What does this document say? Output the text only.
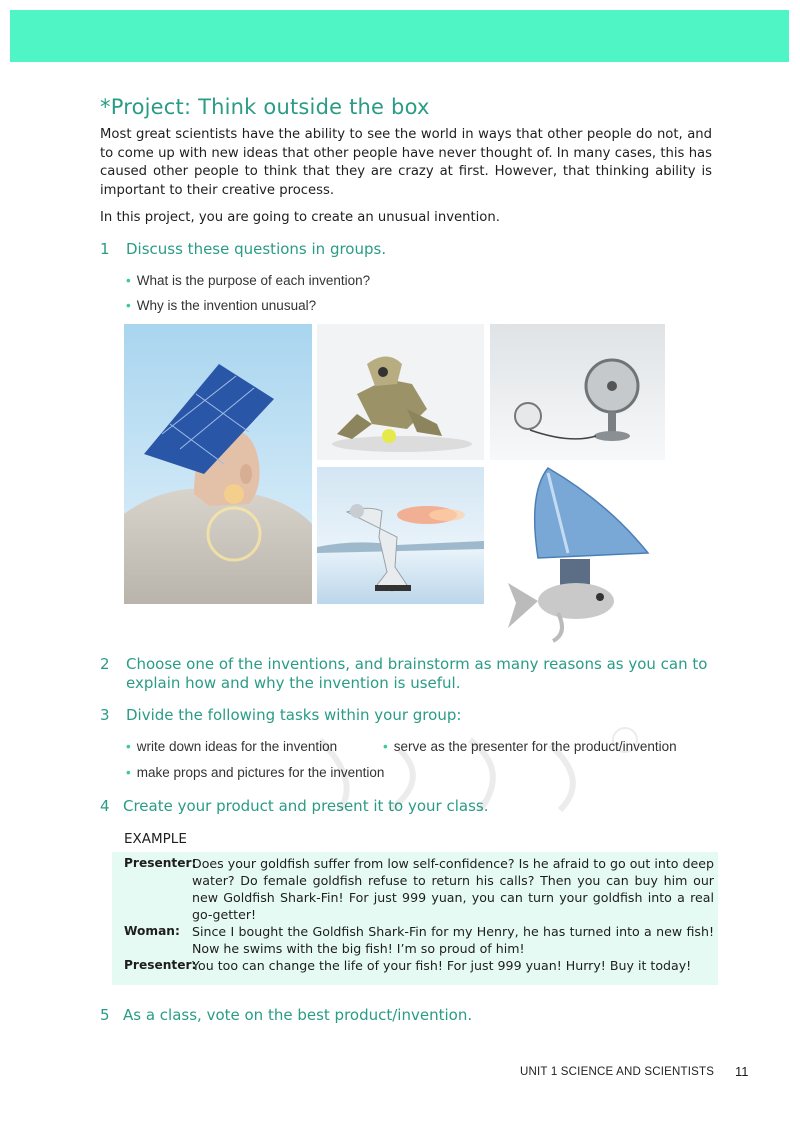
*Project: Think outside the box
Most great scientists have the ability to see the world in ways that other people do not, and to come up with new ideas that other people have never thought of. In many cases, this has caused other people to think that they are crazy at first. However, that thinking ability is important to their creative process.
In this project, you are going to create an unusual invention.
1 Discuss these questions in groups.
• What is the purpose of each invention?
• Why is the invention unusual?
2 Choose one of the inventions, and brainstorm as many reasons as you can to explain how and why the invention is useful.
3 Divide the following tasks within your group:
• write down ideas for the invention	• serve as the presenter for the product/invention
• make props and pictures for the invention
4 Create your product and present it to your class.
EXAMPLE
Presenter:
Does your goldfish suffer from low self-confidence? Is he afraid to go out into deep water? Do female goldfish refuse to return his calls? Then you can buy him our new Goldfish Shark-Fin! For just 999 yuan, you can turn your goldfish into a real go-getter!
Woman: Since I bought the Goldfish Shark-Fin for my Henry, he has turned into a new fish! Now he swims with the big fish! I’m so proud of him!
Presenter:
You too can change the life of your fish! For just 999 yuan! Hurry! Buy it today!
5 As a class, vote on the best product/invention.
UNIT 1 SCIENCE AND SCIENTISTS 11
